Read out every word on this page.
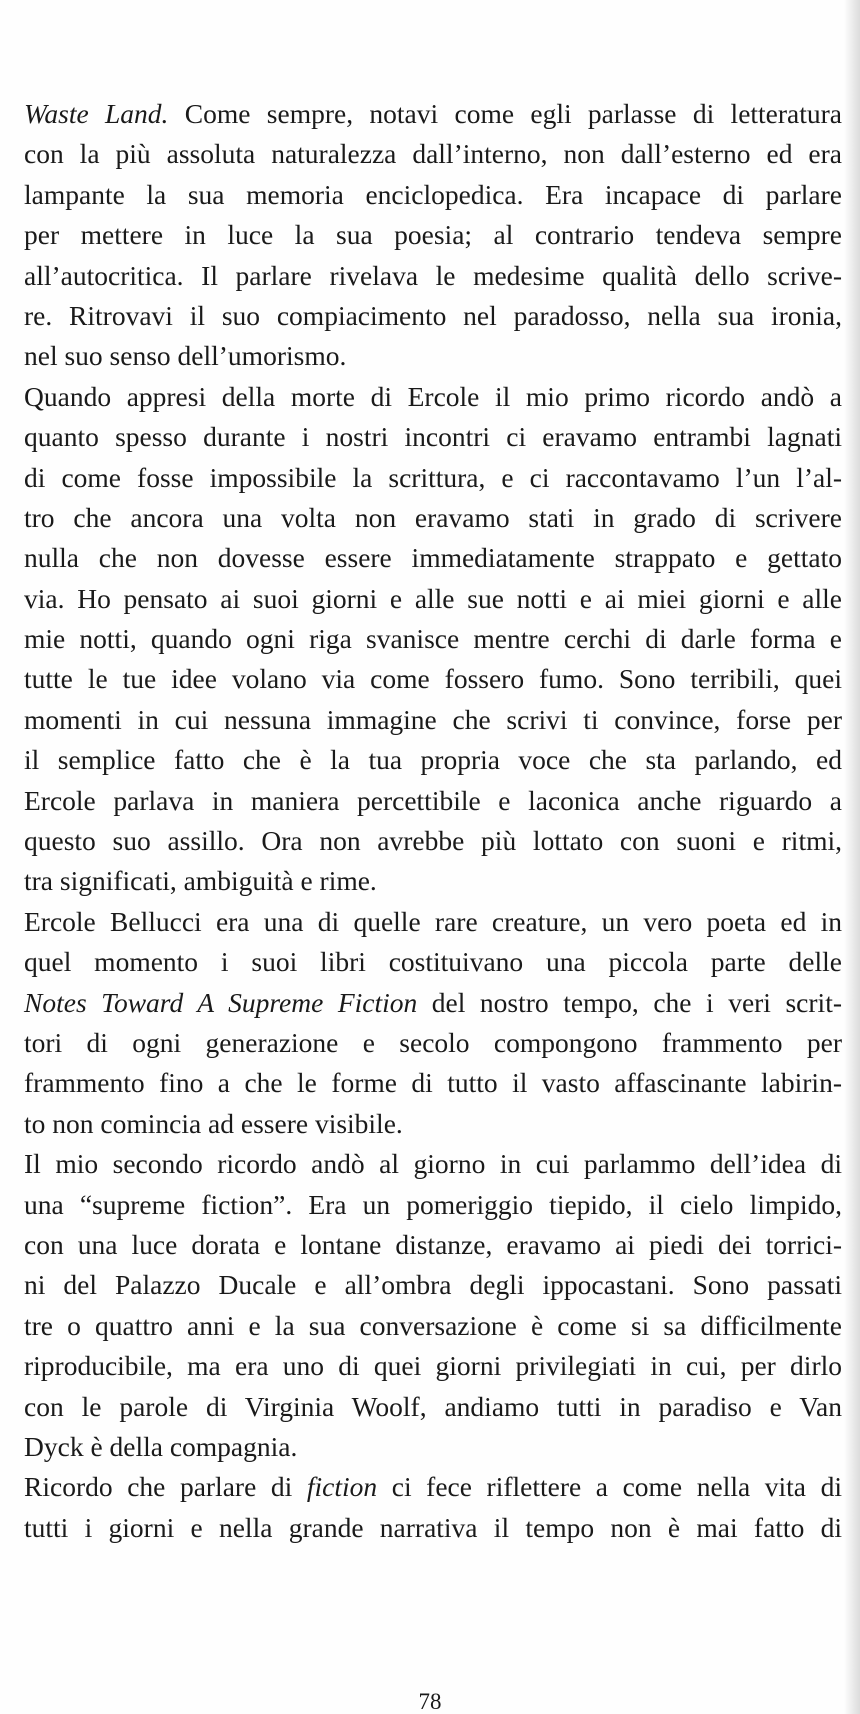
Waste Land. Come sempre, notavi come egli parlasse di letteratura
con la più assoluta naturalezza dall’interno, non dall’esterno ed era
lampante la sua memoria enciclopedica. Era incapace di parlare
per mettere in luce la sua poesia; al contrario tendeva sempre
all’autocritica. Il parlare rivelava le medesime qualità dello scrive-
re. Ritrovavi il suo compiacimento nel paradosso, nella sua ironia,
nel suo senso dell’umorismo.
Quando appresi della morte di Ercole il mio primo ricordo andò a
quanto spesso durante i nostri incontri ci eravamo entrambi lagnati
di come fosse impossibile la scrittura, e ci raccontavamo l’un l’al-
tro che ancora una volta non eravamo stati in grado di scrivere
nulla che non dovesse essere immediatamente strappato e gettato
via. Ho pensato ai suoi giorni e alle sue notti e ai miei giorni e alle
mie notti, quando ogni riga svanisce mentre cerchi di darle forma e
tutte le tue idee volano via come fossero fumo. Sono terribili, quei
momenti in cui nessuna immagine che scrivi ti convince, forse per
il semplice fatto che è la tua propria voce che sta parlando, ed
Ercole parlava in maniera percettibile e laconica anche riguardo a
questo suo assillo. Ora non avrebbe più lottato con suoni e ritmi,
tra significati, ambiguità e rime.
Ercole Bellucci era una di quelle rare creature, un vero poeta ed in
quel momento i suoi libri costituivano una piccola parte delle
Notes Toward A Supreme Fiction del nostro tempo, che i veri scrit-
tori di ogni generazione e secolo compongono frammento per
frammento fino a che le forme di tutto il vasto affascinante labirin-
to non comincia ad essere visibile.
Il mio secondo ricordo andò al giorno in cui parlammo dell’idea di
una “supreme fiction”. Era un pomeriggio tiepido, il cielo limpido,
con una luce dorata e lontane distanze, eravamo ai piedi dei torrici-
ni del Palazzo Ducale e all’ombra degli ippocastani. Sono passati
tre o quattro anni e la sua conversazione è come si sa difficilmente
riproducibile, ma era uno di quei giorni privilegiati in cui, per dirlo
con le parole di Virginia Woolf, andiamo tutti in paradiso e Van
Dyck è della compagnia.
Ricordo che parlare di fiction ci fece riflettere a come nella vita di
tutti i giorni e nella grande narrativa il tempo non è mai fatto di
78
